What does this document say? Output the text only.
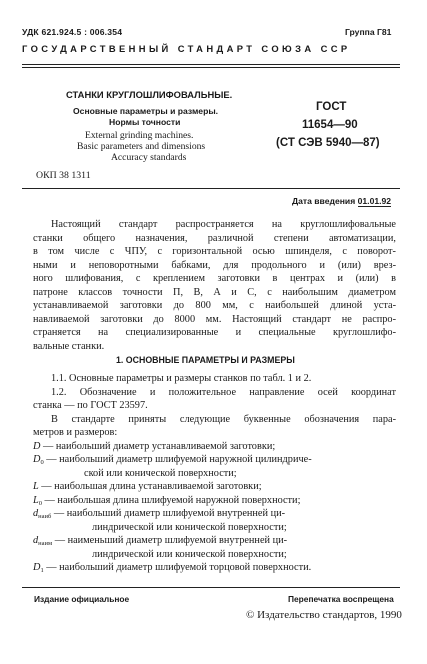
УДК 621.924.5 : 006.354	Группа Г81
ГОСУДАРСТВЕННЫЙ СТАНДАРТ СОЮЗА ССР
СТАНКИ КРУГЛОШЛИФОВАЛЬНЫЕ.
Основные параметры и размеры.
Нормы точности
External grinding machines.
Basic parameters and dimensions
Accuracy standards
ГОСТ
11654—90
(СТ СЭВ 5940—87)
ОКП 38 1311
Дата введения 01.01.92
Настоящий стандарт распространяется на круглошлифовальные
станки общего назначения, различной степени автоматизации,
в том числе с ЧПУ, с горизонтальной осью шпинделя, с поворот-
ными и неповоротными бабками, для продольного и (или) врез-
ного шлифования, с креплением заготовки в центрах и (или) в
патроне классов точности П, В, А и С, с наибольшим диаметром
устанавливаемой заготовки до 800 мм, с наибольшей длиной уста-
навливаемой заготовки до 8000 мм. Настоящий стандарт не распро-
страняется на специализированные и специальные круглошлифо-
вальные станки.
1. ОСНОВНЫЕ ПАРАМЕТРЫ И РАЗМЕРЫ
1.1. Основные параметры и размеры станков по табл. 1 и 2.
1.2. Обозначение и положительное направление осей координат
станка — по ГОСТ 23597.
В стандарте приняты следующие буквенные обозначения пара-
метров и размеров:
D — наибольший диаметр устанавливаемой заготовки;
$D_0$ — наибольший диаметр шлифуемой наружной цилиндриче-
ской или конической поверхности;
L — наибольшая длина устанавливаемой заготовки;
$L_0$ — наибольшая длина шлифуемой наружной поверхности;
$d_{наиб}$ — наибольший диаметр шлифуемой внутренней ци-
линдрической или конической поверхности;
$d_{наим}$ — наименьший диаметр шлифуемой внутренней ци-
линдрической или конической поверхности;
$D_1$ — наибольший диаметр шлифуемой торцовой поверхности.
Издание официальное	Перепечатка воспрещена
© Издательство стандартов, 1990
